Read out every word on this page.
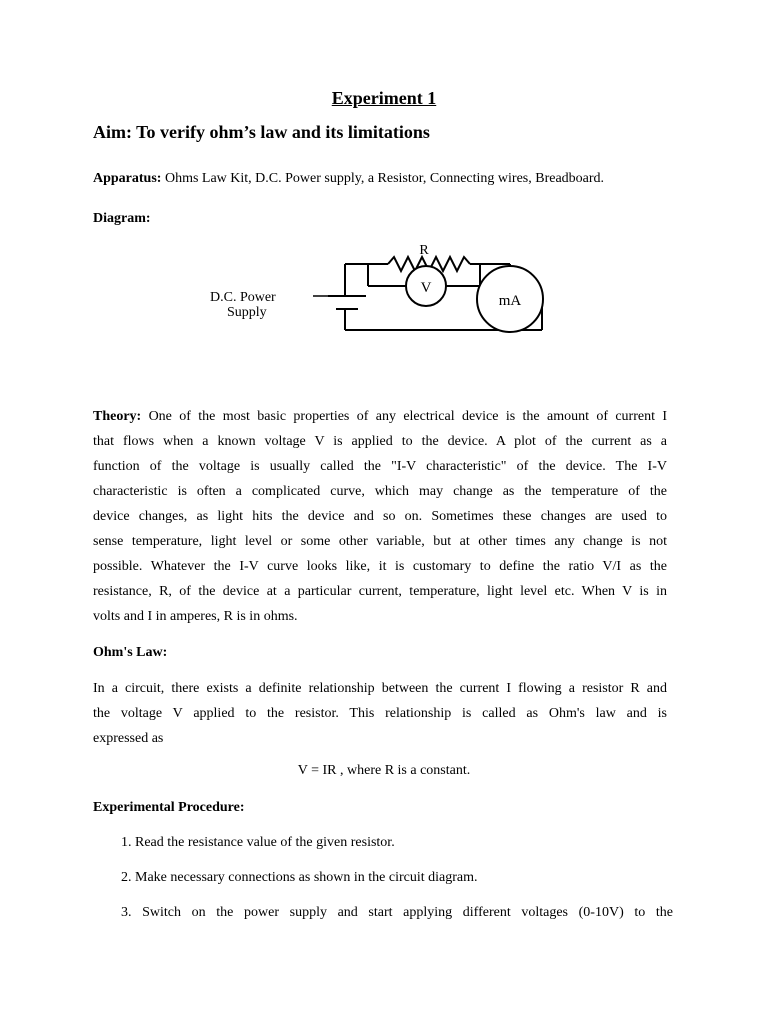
Experiment 1
Aim: To verify ohm’s law and its limitations
Apparatus: Ohms Law Kit, D.C. Power supply, a Resistor, Connecting wires, Breadboard.
Diagram:
D.C. Power
Supply
R
V
mA
Theory: One of the most basic properties of any electrical device is the amount of current I
that flows when a known voltage V is applied to the device. A plot of the current as a
function of the voltage is usually called the "I-V characteristic" of the device. The I-V
characteristic is often a complicated curve, which may change as the temperature of the
device changes, as light hits the device and so on. Sometimes these changes are used to
sense temperature, light level or some other variable, but at other times any change is not
possible. Whatever the I-V curve looks like, it is customary to define the ratio V/I as the
resistance, R, of the device at a particular current, temperature, light level etc. When V is in
volts and I in amperes, R is in ohms.
Ohm's Law:
In a circuit, there exists a definite relationship between the current I flowing a resistor R and
the voltage V applied to the resistor. This relationship is called as Ohm's law and is
expressed as
V = IR , where R is a constant.
Experimental Procedure:
1. Read the resistance value of the given resistor.
2. Make necessary connections as shown in the circuit diagram.
3. Switch on the power supply and start applying different voltages (0-10V) to the
